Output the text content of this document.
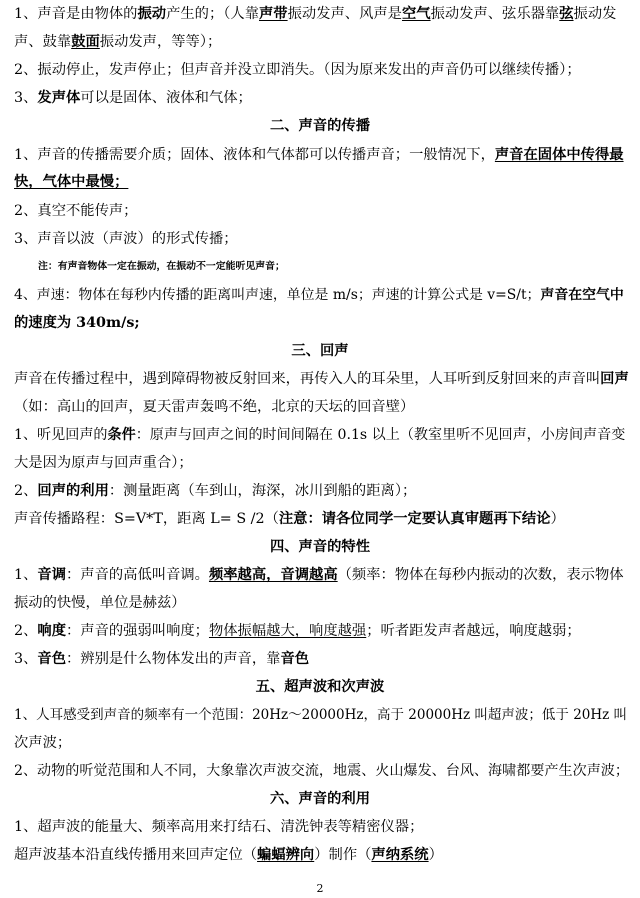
1、声音是由物体的振动产生的；（人靠声带振动发声、风声是空气振动发声、弦乐器靠弦振动发
声、鼓靠鼓面振动发声，等等）；
2、振动停止，发声停止；但声音并没立即消失。（因为原来发出的声音仍可以继续传播）；
3、发声体可以是固体、液体和气体；
二、声音的传播
1、声音的传播需要介质；固体、液体和气体都可以传播声音；一般情况下，声音在固体中传得最
快，气体中最慢；
2、真空不能传声；
3、声音以波（声波）的形式传播；
注：有声音物体一定在振动，在振动不一定能听见声音；
4、声速：物体在每秒内传播的距离叫声速，单位是 m/s；声速的计算公式是 v=S/t；声音在空气中
的速度为 340m/s;
三、回声
声音在传播过程中，遇到障碍物被反射回来，再传入人的耳朵里，人耳听到反射回来的声音叫回声
（如：高山的回声，夏天雷声轰鸣不绝，北京的天坛的回音壁）
1、听见回声的条件：原声与回声之间的时间间隔在 0.1s 以上（教室里听不见回声，小房间声音变
大是因为原声与回声重合）；
2、回声的利用：测量距离（车到山，海深，冰川到船的距离）；
声音传播路程：S=V*T，距离 L= S /2（注意：请各位同学一定要认真审题再下结论）
四、声音的特性
1、音调：声音的高低叫音调。频率越高，音调越高（频率：物体在每秒内振动的次数，表示物体
振动的快慢，单位是赫兹）
2、响度：声音的强弱叫响度；物体振幅越大，响度越强；听者距发声者越远，响度越弱；
3、音色：辨别是什么物体发出的声音，靠音色
五、超声波和次声波
1、人耳感受到声音的频率有一个范围：20Hz～20000Hz，高于 20000Hz 叫超声波；低于 20Hz 叫
次声波；
2、动物的听觉范围和人不同，大象靠次声波交流，地震、火山爆发、台风、海啸都要产生次声波；
六、声音的利用
1、超声波的能量大、频率高用来打结石、清洗钟表等精密仪器；
超声波基本沿直线传播用来回声定位（蝙蝠辨向）制作（声纳系统）
2
